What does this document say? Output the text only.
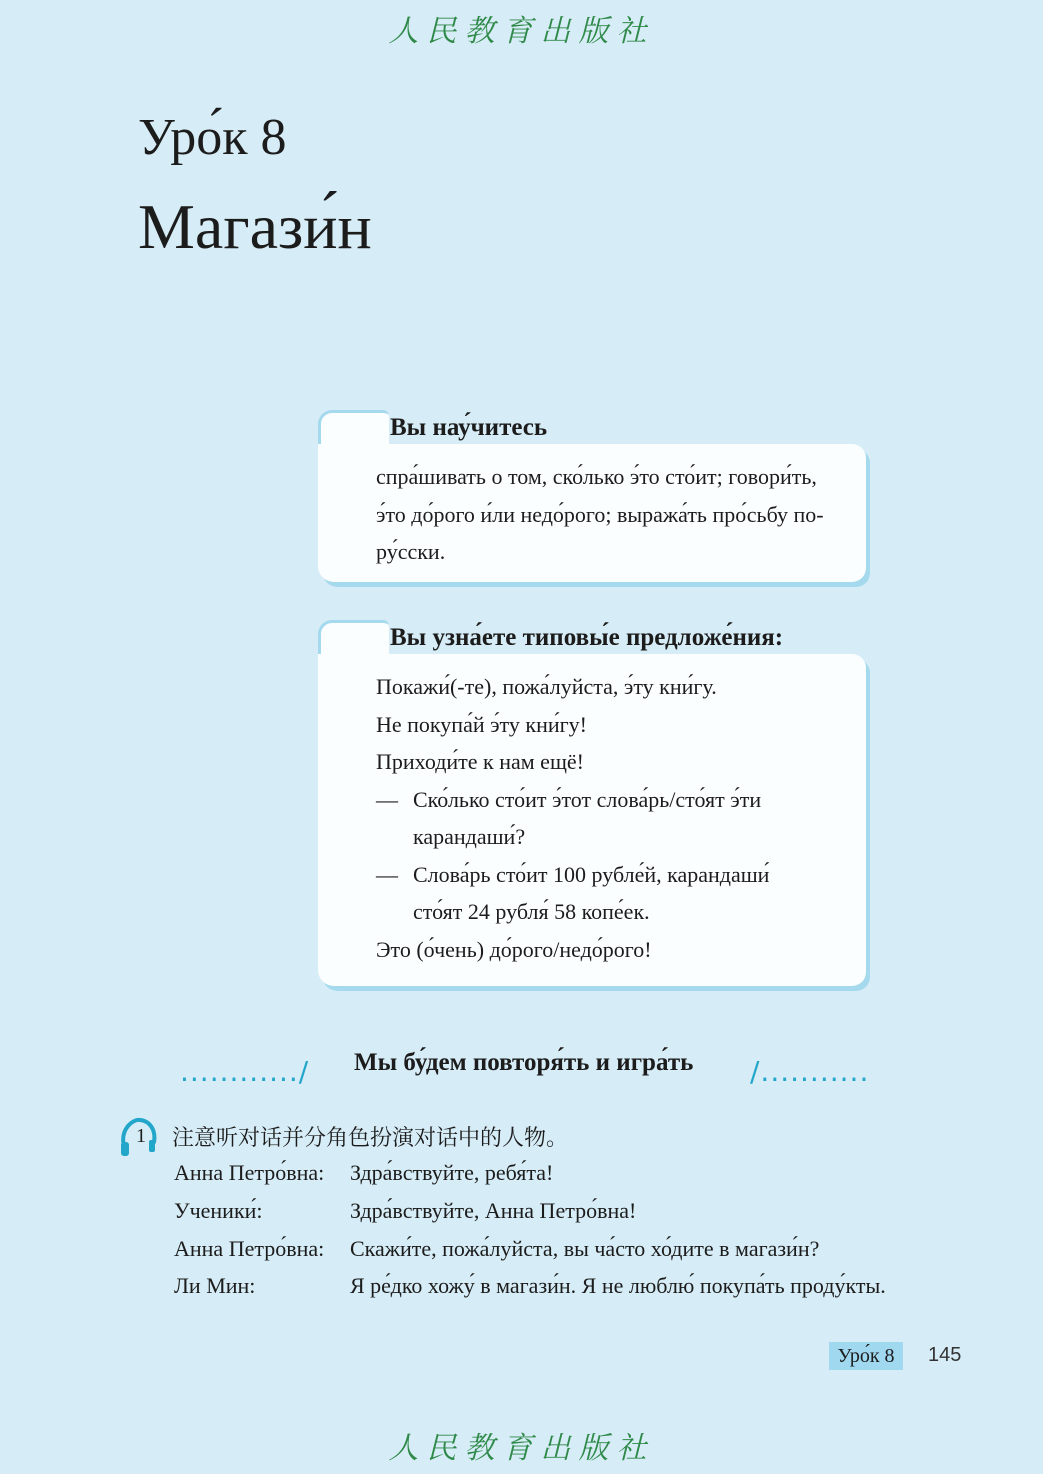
人民教育出版社
Уро́к 8
Магази́н
Вы нау́читесь
спра́шивать о том, ско́лько э́то сто́ит; говори́ть,
э́то до́рого и́ли недо́рого; выража́ть про́сьбу по-
ру́сски.
Вы узна́ете типовы́е предложе́ния:
Покажи́(-те), пожа́луйста, э́ту кни́гу.
Не покупа́й э́ту кни́гу!
Приходи́те к нам ещё!
— Ско́лько сто́ит э́тот слова́рь/сто́ят э́ти
карандаши́?
— Слова́рь сто́ит 100 рубле́й, карандаши́
сто́ят 24 рубля́ 58 копе́ек.
Это (о́чень) до́рого/недо́рого!
............/ Мы бу́дем повторя́ть и игра́ть /...........
1 注意听对话并分角色扮演对话中的人物。
Анна Петро́вна: Здра́вствуйте, ребя́та!
Ученики́:	Здра́вствуйте, Анна Петро́вна!
Анна Петро́вна: Скажи́те, пожа́луйста, вы ча́сто хо́дите в магази́н?
Ли Мин:	Я ре́дко хожу́ в магази́н. Я не люблю́ покупа́ть проду́кты.
Уро́к 8	145
人民教育出版社
